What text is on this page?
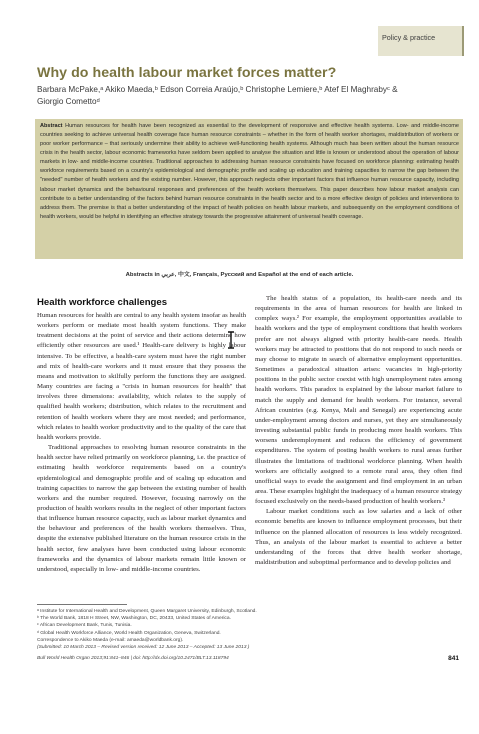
Policy & practice
Why do health labour market forces matter?
Barbara McPake,ᵃ Akiko Maeda,ᵇ Edson Correia Araújo,ᵇ Christophe Lemiere,ᵇ Atef El Maghrabyᶜ &
Giorgio Comettoᵈ
Abstract Human resources for health have been recognized as essential to the development of responsive and effective health systems. Low- and middle-income countries seeking to achieve universal health coverage face human resource constraints – whether in the form of health worker shortages, maldistribution of workers or poor worker performance – that seriously undermine their ability to achieve well-functioning health systems. Although much has been written about the human resource crisis in the health sector, labour economic frameworks have seldom been applied to analyse the situation and little is known or understood about the operation of labour markets in low- and middle-income countries. Traditional approaches to addressing human resource constraints have focused on workforce planning: estimating health workforce requirements based on a country's epidemiological and demographic profile and scaling up education and training capacities to narrow the gap between the "needed" number of health workers and the existing number. However, this approach neglects other important factors that influence human resource capacity, including labour market dynamics and the behavioural responses and preferences of the health workers themselves. This paper describes how labour market analysis can contribute to a better understanding of the factors behind human resource constraints in the health sector and to a more effective design of policies and interventions to address them. The premise is that a better understanding of the impact of health policies on health labour markets, and subsequently on the employment conditions of health workers, would be helpful in identifying an effective strategy towards the progressive attainment of universal health coverage.
Abstracts in عربي, 中文, Français, Русский and Español at the end of each article.
Health workforce challenges

Human resources for health are central to any health system insofar as health workers perform or mediate most health system functions. They make treatment decisions at the point of service and their actions determine how efficiently other resources are used.¹ Health-care delivery is highly labour intensive. To be effective, a health-care system must have the right number and mix of health-care workers and it must ensure that they possess the means and motivation to skilfully perform the functions they are assigned. Many countries are facing a "crisis in human resources for health" that involves three dimensions: availability, which relates to the supply of qualified health workers; distribution, which relates to the recruitment and retention of health workers where they are most needed; and performance, which relates to health worker productivity and to the quality of the care that health workers provide.

Traditional approaches to resolving human resource constraints in the health sector have relied primarily on workforce planning, i.e. the practice of estimating health workforce requirements based on a country's epidemiological and demographic profile and of scaling up education and training capacities to narrow the gap between the existing number of health workers and the number required. However, focusing narrowly on the production of health workers results in the neglect of other important factors that influence human resource capacity, such as labour market dynamics and the behaviour and preferences of the health workers themselves. Thus, despite the extensive published literature on the human resource crisis in the health sector, few analyses have been conducted using labour economic frameworks and the dynamics of labour markets remain little known or understood, especially in low- and middle-income countries.

The health status of a population, its health-care needs and its requirements in the area of human resources for health are linked in complex ways.² For example, the employment opportunities available to health workers and the type of employment conditions that health workers prefer are not always aligned with priority health-care needs. Health workers may be attracted to positions that do not respond to such needs or may choose to migrate in search of alternative employment opportunities. Sometimes a paradoxical situation arises: vacancies in high-priority positions in the public sector coexist with high unemployment rates among health workers. This paradox is explained by the labour market failure to match the supply and demand for health workers. For instance, several African countries (e.g. Kenya, Mali and Senegal) are experiencing acute under-employment among doctors and nurses, yet they are simultaneously investing substantial public funds in producing more health workers. This worsens underemployment and reduces the efficiency of government expenditures. The system of posting health workers to rural areas further illustrates the limitations of traditional workforce planning. When health workers are officially assigned to a remote rural area, they often find unofficial ways to evade the assignment and find employment in an urban area. These examples highlight the inadequacy of a human resource strategy focused exclusively on the needs-based production of health workers.³

Labour market conditions such as low salaries and a lack of other economic benefits are known to influence employment processes, but their influence on the planned allocation of resources is less widely recognized. Thus, an analysis of the labour market is essential to achieve a better understanding of the forces that drive health worker shortage, maldistribution and suboptimal performance and to develop policies and

ᵃ Institute for International Health and Development, Queen Margaret University, Edinburgh, Scotland.
ᵇ The World Bank, 1818 H Street, NW, Washington, DC, 20433, United States of America.
ᶜ African Development Bank, Tunis, Tunisia.
ᵈ Global Health Workforce Alliance, World Health Organization, Geneva, Switzerland.
Correspondence to Akiko Maeda (e-mail: amaeda@worldbank.org).
(Submitted: 10 March 2013 – Revised version received: 12 June 2013 – Accepted: 13 June 2013 )
Bull World Health Organ 2013;91:841–846 | doi: http://dx.doi.org/10.2471/BLT.13.118794	841
